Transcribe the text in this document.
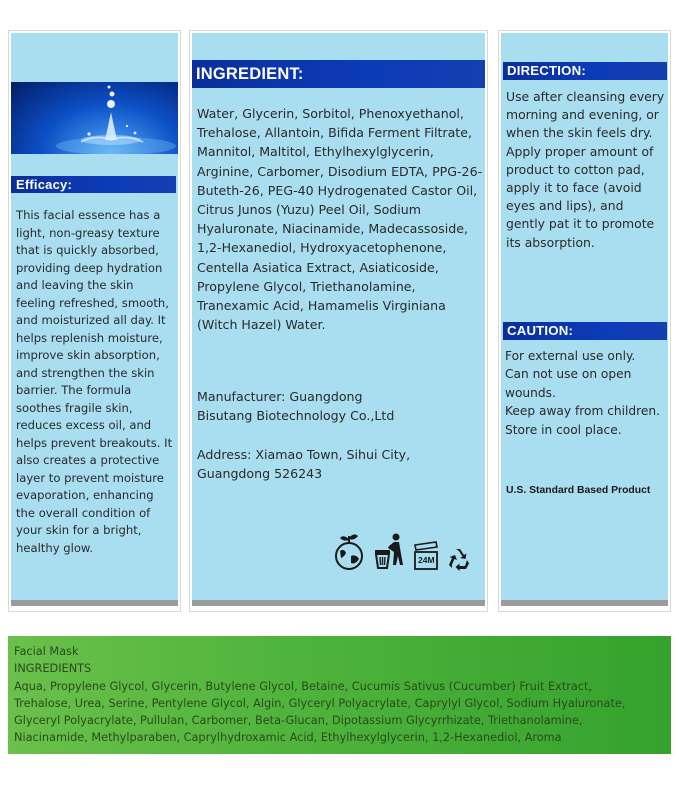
Efficacy:
This facial essence has a light, non-greasy texture that is quickly absorbed, providing deep hydration and leaving the skin feeling refreshed, smooth, and moisturized all day. It helps replenish moisture, improve skin absorption, and strengthen the skin barrier. The formula soothes fragile skin, reduces excess oil, and helps prevent breakouts. It also creates a protective layer to prevent moisture evaporation, enhancing the overall condition of your skin for a bright, healthy glow.
INGREDIENT:
Water, Glycerin, Sorbitol, Phenoxyethanol, Trehalose, Allantoin, Bifida Ferment Filtrate, Mannitol, Maltitol, Ethylhexylglycerin, Arginine, Carbomer, Disodium EDTA, PPG-26-Buteth-26, PEG-40 Hydrogenated Castor Oil, Citrus Junos (Yuzu) Peel Oil, Sodium Hyaluronate, Niacinamide, Madecassoside, 1,2-Hexanediol, Hydroxyacetophenone, Centella Asiatica Extract, Asiaticoside, Propylene Glycol, Triethanolamine, Tranexamic Acid, Hamamelis Virginiana (Witch Hazel) Water.
Manufacturer: Guangdong Bisutang Biotechnology Co.,Ltd
Address: Xiamao Town, Sihui City, Guangdong 526243
24M
DIRECTION:
Use after cleansing every morning and evening, or when the skin feels dry. Apply proper amount of product to cotton pad, apply it to face (avoid eyes and lips), and gently pat it to promote its absorption.
CAUTION:
For external use only.
Can not use on open wounds.
Keep away from children.
Store in cool place.
U.S. Standard Based Product
Facial Mask
INGREDIENTS
Aqua, Propylene Glycol, Glycerin, Butylene Glycol, Betaine, Cucumis Sativus (Cucumber) Fruit Extract,
Trehalose, Urea, Serine, Pentylene Glycol, Algin, Glyceryl Polyacrylate, Caprylyl Glycol, Sodium Hyaluronate,
Glyceryl Polyacrylate, Pullulan, Carbomer, Beta-Glucan, Dipotassium Glycyrrhizate, Triethanolamine,
Niacinamide, Methylparaben, Caprylhydroxamic Acid, Ethylhexylglycerin, 1,2-Hexanediol, Aroma
